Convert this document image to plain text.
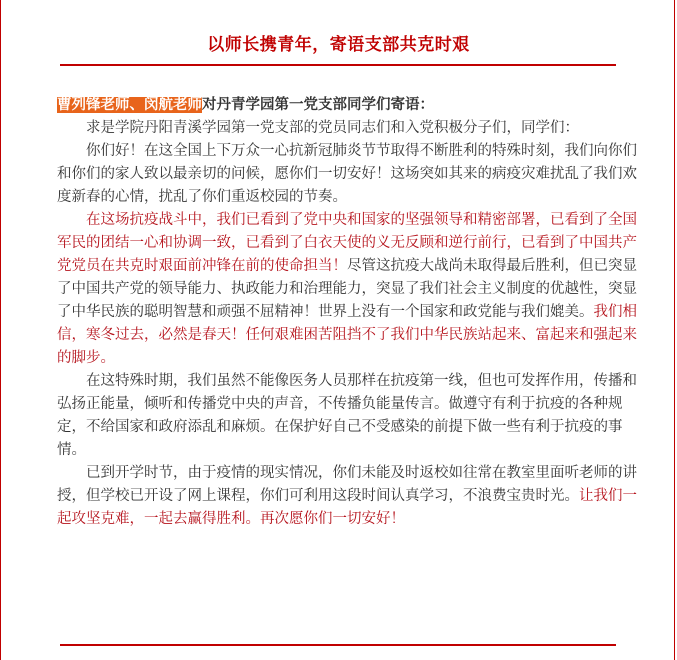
以师长携青年，寄语支部共克时艰

曹列锋老师、闵航老师对丹青学园第一党支部同学们寄语：

求是学院丹阳青溪学园第一党支部的党员同志们和入党积极分子们，同学们：

你们好！在这全国上下万众一心抗新冠肺炎节节取得不断胜利的特殊时刻，我们向你们和你们的家人致以最亲切的问候，愿你们一切安好！这场突如其来的病疫灾难扰乱了我们欢度新春的心情，扰乱了你们重返校园的节奏。

在这场抗疫战斗中，我们已看到了党中央和国家的坚强领导和精密部署，已看到了全国军民的团结一心和协调一致，已看到了白衣天使的义无反顾和逆行前行，已看到了中国共产党党员在共克时艰面前冲锋在前的使命担当！尽管这抗疫大战尚未取得最后胜利，但已突显了中国共产党的领导能力、执政能力和治理能力，突显了我们社会主义制度的优越性，突显了中华民族的聪明智慧和顽强不屈精神！世界上没有一个国家和政党能与我们媲美。我们相信，寒冬过去，必然是春天！任何艰难困苦阻挡不了我们中华民族站起来、富起来和强起来的脚步。

在这特殊时期，我们虽然不能像医务人员那样在抗疫第一线，但也可发挥作用，传播和弘扬正能量，倾听和传播党中央的声音，不传播负能量传言。做遵守有利于抗疫的各种规定，不给国家和政府添乱和麻烦。在保护好自己不受感染的前提下做一些有利于抗疫的事情。

已到开学时节，由于疫情的现实情况，你们未能及时返校如往常在教室里面听老师的讲授，但学校已开设了网上课程，你们可利用这段时间认真学习，不浪费宝贵时光。让我们一起攻坚克难，一起去赢得胜利。再次愿你们一切安好！
